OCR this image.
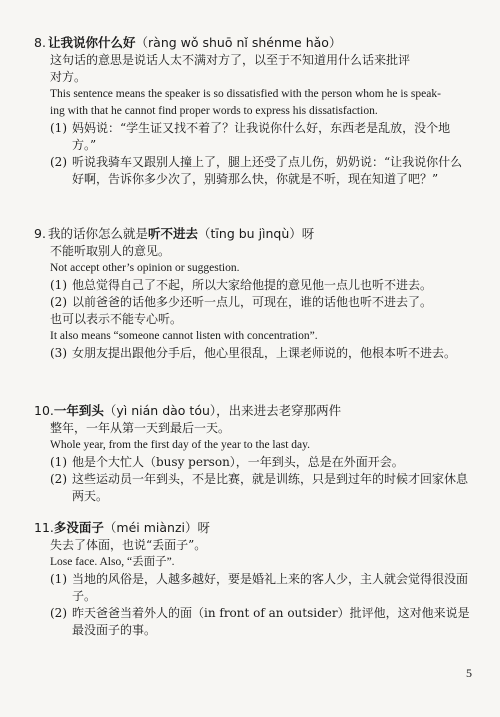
8. 让我说你什么好（ràng wǒ shuō nǐ shénme hǎo）

这句话的意思是说话人太不满对方了，以至于不知道用什么话来批评

对方。

This sentence means the speaker is so dissatisfied with the person whom he is speak-

ing with that he cannot find proper words to express his dissatisfaction.

(1) 妈妈说：“学生证又找不着了？让我说你什么好，东西老是乱放，没个地方。”
(2) 听说我骑车又跟别人撞上了，腿上还受了点儿伤，奶奶说：“让我说你什么好啊，告诉你多少次了，别骑那么快，你就是不听，现在知道了吧？”

9. 我的话你怎么就是听不进去（tīng bu jìnqù）呀

不能听取别人的意见。

Not accept other’s opinion or suggestion.

(1) 他总觉得自己了不起，所以大家给他提的意见他一点儿也听不进去。
(2) 以前爸爸的话他多少还听一点儿，可现在，谁的话他也听不进去了。

也可以表示不能专心听。

It also means “someone cannot listen with concentration”.

(3) 女朋友提出跟他分手后，他心里很乱，上课老师说的，他根本听不进去。

10.一年到头（yì nián dào tóu），出来进去老穿那两件

整年，一年从第一天到最后一天。

Whole year, from the first day of the year to the last day.

(1) 他是个大忙人（busy person），一年到头，总是在外面开会。
(2) 这些运动员一年到头，不是比赛，就是训练，只是到过年的时候才回家休息两天。

11.多没面子（méi miànzi）呀

失去了体面，也说“丢面子”。

Lose face. Also, “丢面子”.

(1) 当地的风俗是，人越多越好，要是婚礼上来的客人少，主人就会觉得很没面子。
(2) 昨天爸爸当着外人的面（in front of an outsider）批评他，这对他来说是最没面子的事。
5
